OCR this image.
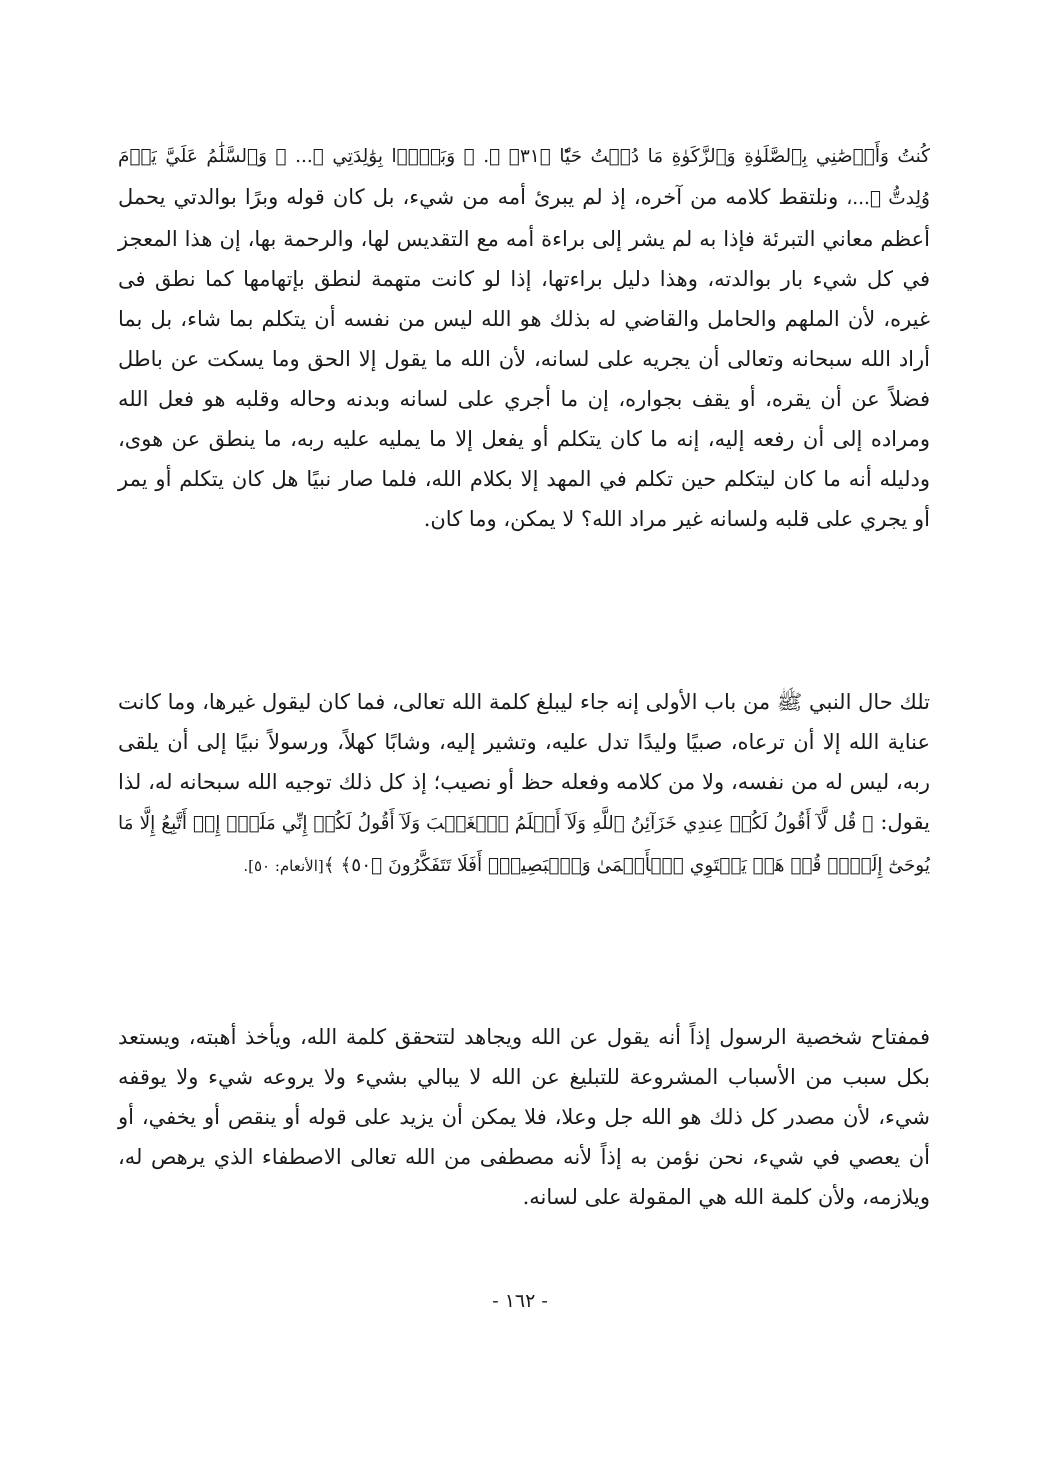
كُنتُ وَأَوۡصَٰنِي بِٱلصَّلَوٰةِ وَٱلزَّكَوٰةِ مَا دُمۡتُ حَيّٗا ﴿٣١﴾ ﴾. ﴿ وَبَرَّۢا بِوَٰلِدَتِي ﴾... ﴿ وَٱلسَّلَٰمُ عَلَيَّ يَوۡمَ وُلِدتُّ ﴾...، ونلتقط كلامه من آخره، إذ لم يبرئ أمه من شيء، بل كان قوله وبرًا بوالدتي يحمل أعظم معاني التبرئة فإذا به لم يشر إلى براءة أمه مع التقديس لها، والرحمة بها، إن هذا المعجز في كل شيء بار بوالدته، وهذا دليل براءتها، إذا لو كانت متهمة لنطق بإتهامها كما نطق فى غيره، لأن الملهم والحامل والقاضي له بذلك هو الله ليس من نفسه أن يتكلم بما شاء، بل بما أراد الله سبحانه وتعالى أن يجريه على لسانه، لأن الله ما يقول إلا الحق وما يسكت عن باطل فضلاً عن أن يقره، أو يقف بجواره، إن ما أجري على لسانه وبدنه وحاله وقلبه هو فعل الله ومراده إلى أن رفعه إليه، إنه ما كان يتكلم أو يفعل إلا ما يمليه عليه ربه، ما ينطق عن هوى، ودليله أنه ما كان ليتكلم حين تكلم في المهد إلا بكلام الله، فلما صار نبيًا هل كان يتكلم أو يمر أو يجري على قلبه ولسانه غير مراد الله؟ لا يمكن، وما كان.

تلك حال النبي ﷺ من باب الأولى إنه جاء ليبلغ كلمة الله تعالى، فما كان ليقول غيرها، وما كانت عناية الله إلا أن ترعاه، صبيًا وليدًا تدل عليه، وتشير إليه، وشابًا كهلاً، ورسولاً نبيًا إلى أن يلقى ربه، ليس له من نفسه، ولا من كلامه وفعله حظ أو نصيب؛ إذ كل ذلك توجيه الله سبحانه له، لذا يقول: ﴿ قُل لَّآ أَقُولُ لَكُمۡ عِندِي خَزَآئِنُ ٱللَّهِ وَلَآ أَعۡلَمُ ٱلۡغَيۡبَ وَلَآ أَقُولُ لَكُمۡ إِنِّي مَلَكٌۖ إِنۡ أَتَّبِعُ إِلَّا مَا يُوحَىٰٓ إِلَيَّۚ قُلۡ هَلۡ يَسۡتَوِي ٱلۡأَعۡمَىٰ وَٱلۡبَصِيرُۚ أَفَلَا تَتَفَكَّرُونَ ﴿٥٠﴾ ﴾[الأنعام: ٥٠].

فمفتاح شخصية الرسول إذاً أنه يقول عن الله ويجاهد لتتحقق كلمة الله، ويأخذ أهبته، ويستعد بكل سبب من الأسباب المشروعة للتبليغ عن الله لا يبالي بشيء ولا يروعه شيء ولا يوقفه شيء، لأن مصدر كل ذلك هو الله جل وعلا، فلا يمكن أن يزيد على قوله أو ينقص أو يخفي، أو أن يعصي في شيء، نحن نؤمن به إذاً لأنه مصطفى من الله تعالى الاصطفاء الذي يرهص له، ويلازمه، ولأن كلمة الله هي المقولة على لسانه.

- ١٦٢ -
